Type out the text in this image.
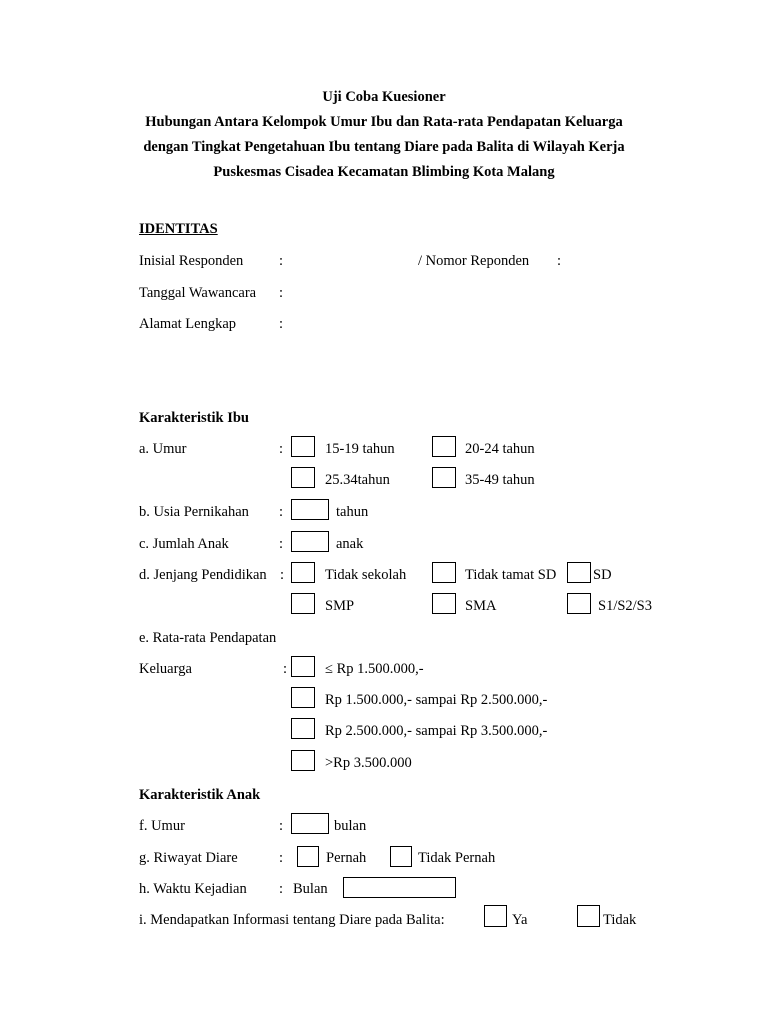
Uji Coba Kuesioner
Hubungan Antara Kelompok Umur Ibu dan Rata-rata Pendapatan Keluarga
dengan Tingkat Pengetahuan Ibu tentang Diare pada Balita di Wilayah Kerja
Puskesmas Cisadea Kecamatan Blimbing Kota Malang
IDENTITAS
Inisial Responden :	/ Nomor Reponden :
Tanggal Wawancara :
Alamat Lengkap	:
Karakteristik Ibu
a. Umur	:	15-19 tahun	20-24 tahun
25.34tahun	35-49 tahun
b. Usia Pernikahan :	tahun
c. Jumlah Anak	:	anak
d. Jenjang Pendidikan :	Tidak sekolah	Tidak tamat SD	SD
SMP	SMA	S1/S2/S3
e. Rata-rata Pendapatan
Keluarga	:	≤ Rp 1.500.000,-
Rp 1.500.000,- sampai Rp 2.500.000,-
Rp 2.500.000,- sampai Rp 3.500.000,-
>Rp 3.500.000
Karakteristik Anak
f. Umur	:	bulan
g. Riwayat Diare	:	Pernah	Tidak Pernah
h. Waktu Kejadian : Bulan
i. Mendapatkan Informasi tentang Diare pada Balita:	Ya	Tidak
